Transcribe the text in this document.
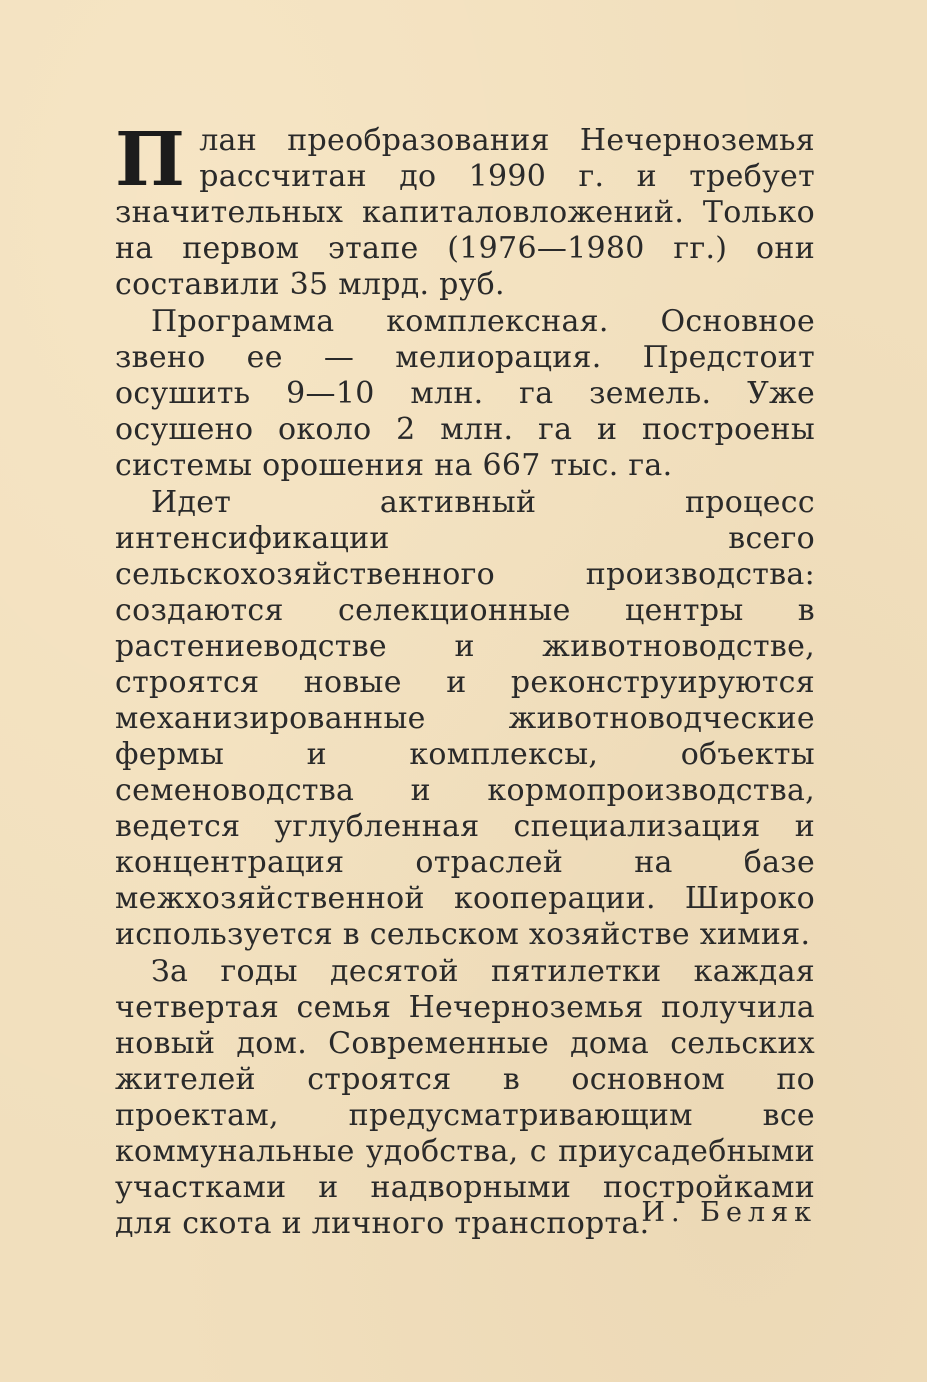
План преобразования Нечерноземья рассчитан до 1990 г. и требует значительных капиталовложений. Только на первом этапе (1976—1980 гг.) они составили 35 млрд. руб.

Программа комплексная. Основное звено ее — мелиорация. Предстоит осушить 9—10 млн. га земель. Уже осушено около 2 млн. га и построены системы орошения на 667 тыс. га.

Идет активный процесс интенсификации всего сельскохозяйственного производства: создаются селекционные центры в растениеводстве и животноводстве, строятся новые и реконструируются механизированные животноводческие фермы и комплексы, объекты семеноводства и кормопроизводства, ведется углубленная специализация и концентрация отраслей на базе межхозяйственной кооперации. Широко используется в сельском хозяйстве химия.

За годы десятой пятилетки каждая четвертая семья Нечерноземья получила новый дом. Современные дома сельских жителей строятся в основном по проектам, предусматривающим все коммунальные удобства, с приусадебными участками и надворными постройками для скота и личного транспорта.

И. Беляк
